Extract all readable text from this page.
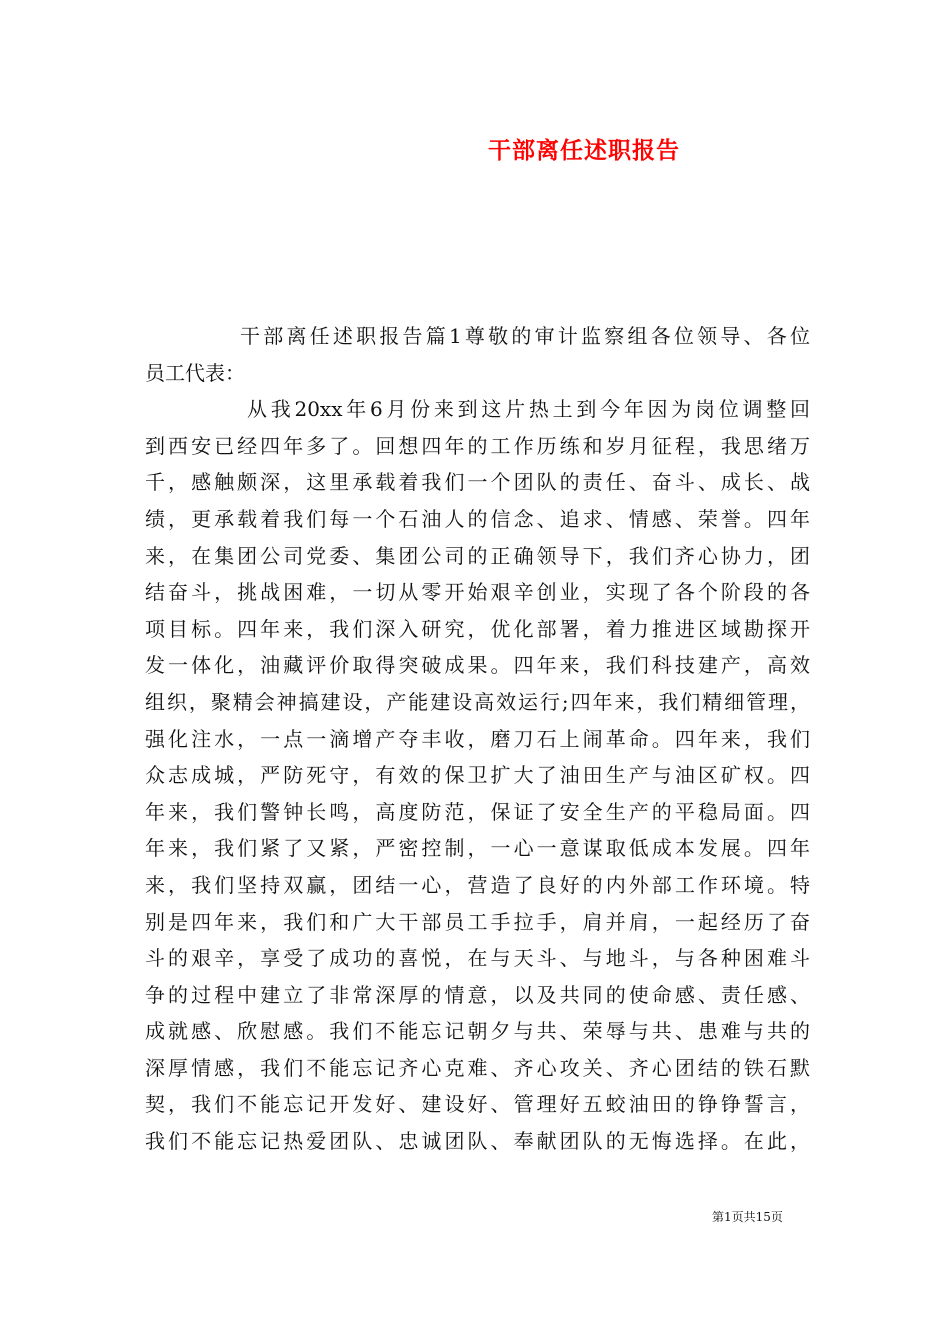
干部离任述职报告
干部离任述职报告篇1尊敬的审计监察组各位领导、各位
员工代表：
从我20xx年6月份来到这片热土到今年因为岗位调整回
到西安已经四年多了。回想四年的工作历练和岁月征程，我思绪万
千，感触颇深，这里承载着我们一个团队的责任、奋斗、成长、战
绩，更承载着我们每一个石油人的信念、追求、情感、荣誉。四年
来，在集团公司党委、集团公司的正确领导下，我们齐心协力，团
结奋斗，挑战困难，一切从零开始艰辛创业，实现了各个阶段的各
项目标。四年来，我们深入研究，优化部署，着力推进区域勘探开
发一体化，油藏评价取得突破成果。四年来，我们科技建产，高效
组织，聚精会神搞建设，产能建设高效运行;四年来，我们精细管理，
强化注水，一点一滴增产夺丰收，磨刀石上闹革命。四年来，我们
众志成城，严防死守，有效的保卫扩大了油田生产与油区矿权。四
年来，我们警钟长鸣，高度防范，保证了安全生产的平稳局面。四
年来，我们紧了又紧，严密控制，一心一意谋取低成本发展。四年
来，我们坚持双赢，团结一心，营造了良好的内外部工作环境。特
别是四年来，我们和广大干部员工手拉手，肩并肩，一起经历了奋
斗的艰辛，享受了成功的喜悦，在与天斗、与地斗，与各种困难斗
争的过程中建立了非常深厚的情意，以及共同的使命感、责任感、
成就感、欣慰感。我们不能忘记朝夕与共、荣辱与共、患难与共的
深厚情感，我们不能忘记齐心克难、齐心攻关、齐心团结的铁石默
契，我们不能忘记开发好、建设好、管理好五蛟油田的铮铮誓言，
我们不能忘记热爱团队、忠诚团队、奉献团队的无悔选择。在此，
第1页共15页
